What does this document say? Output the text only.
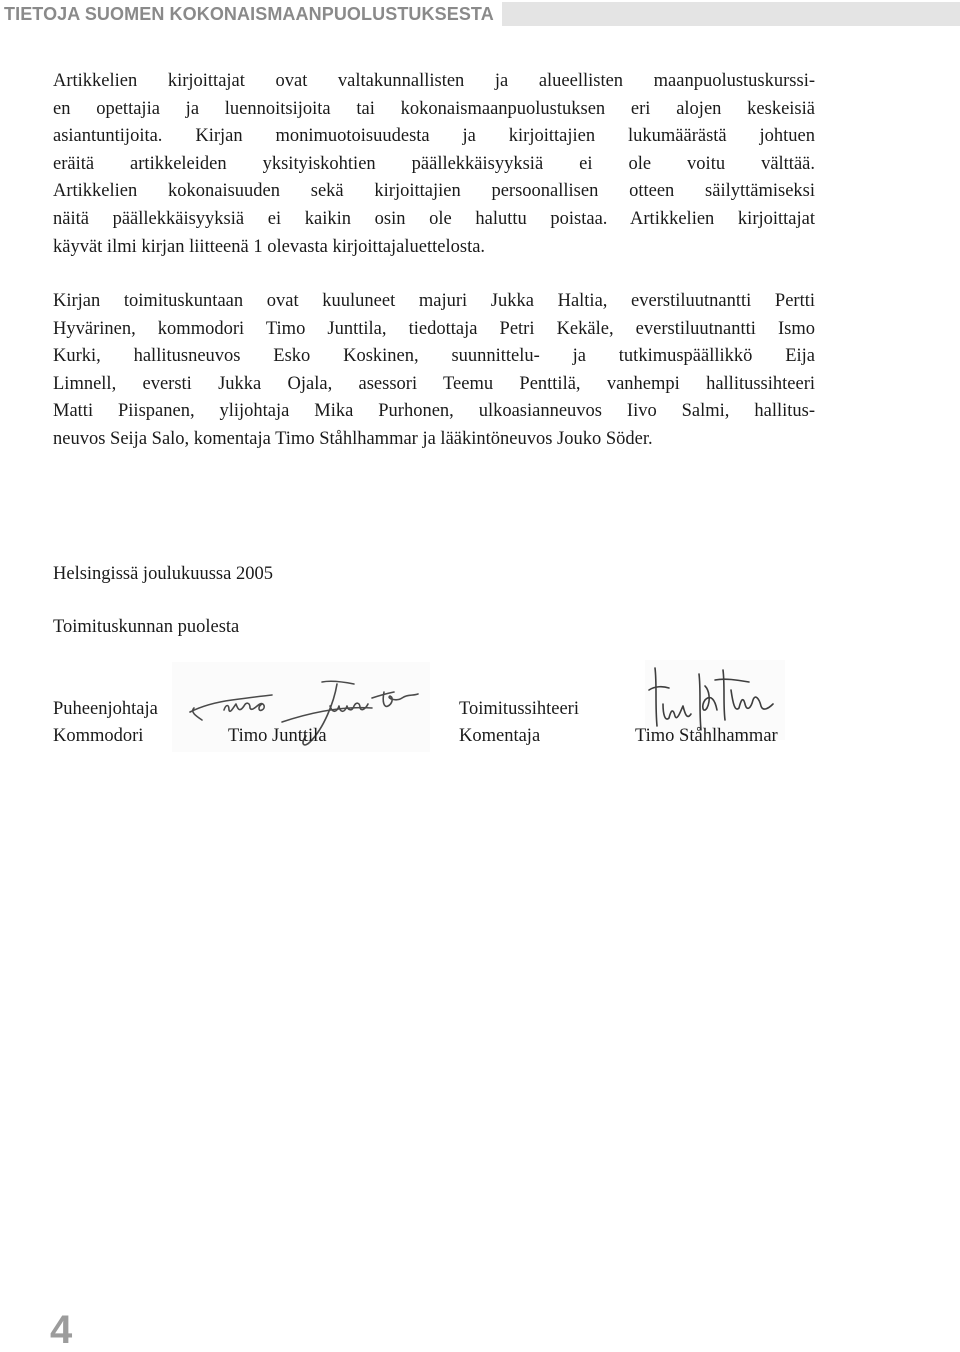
TIETOJA SUOMEN KOKONAISMAANPUOLUSTUKSESTA
Artikkelien kirjoittajat ovat valtakunnallisten ja alueellisten maanpuolustuskurssi-
en opettajia ja luennoitsijoita tai kokonaismaanpuolustuksen eri alojen keskeisiä
asiantuntijoita. Kirjan monimuotoisuudesta ja kirjoittajien lukumäärästä johtuen
eräitä artikkeleiden yksityiskohtien päällekkäisyyksiä ei ole voitu välttää.
Artikkelien kokonaisuuden sekä kirjoittajien persoonallisen otteen säilyttämiseksi
näitä päällekkäisyyksiä ei kaikin osin ole haluttu poistaa. Artikkelien kirjoittajat
käyvät ilmi kirjan liitteenä 1 olevasta kirjoittajaluettelosta.
Kirjan toimituskuntaan ovat kuuluneet majuri Jukka Haltia, everstiluutnantti Pertti
Hyvärinen, kommodori Timo Junttila, tiedottaja Petri Kekäle, everstiluutnantti Ismo
Kurki, hallitusneuvos Esko Koskinen, suunnittelu- ja tutkimuspäällikkö Eija
Limnell, eversti Jukka Ojala, asessori Teemu Penttilä, vanhempi hallitussihteeri
Matti Piispanen, ylijohtaja Mika Purhonen, ulkoasianneuvos Iivo Salmi, hallitus-
neuvos Seija Salo, komentaja Timo Ståhlhammar ja lääkintöneuvos Jouko Söder.
Helsingissä joulukuussa 2005
Toimituskunnan puolesta
Puheenjohtaja
Kommodori	Timo Junttila
Toimitussihteeri
Komentaja	Timo Ståhlhammar
4
